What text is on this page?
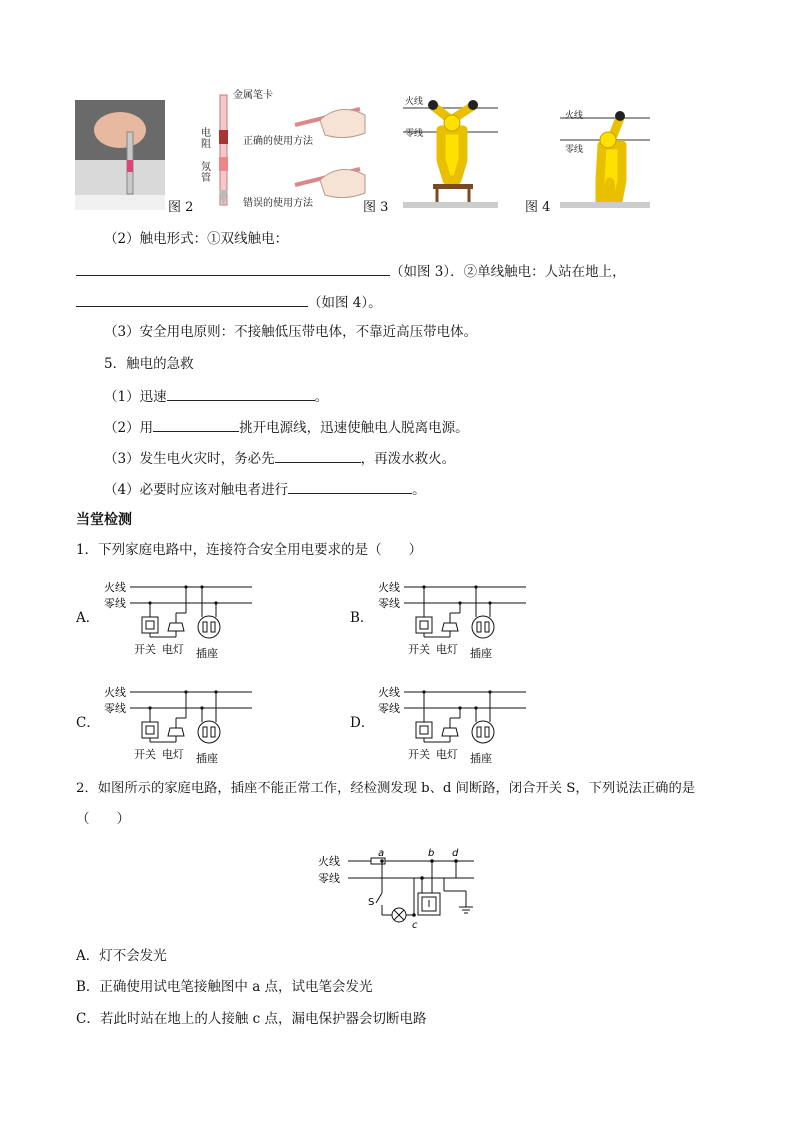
图 2
金属笔卡
电阻
氖管
正确的使用方法
错误的使用方法	图 3
火线
零线
图 4
火线
零线
（2）触电形式：①双线触电：
（如图 3）．②单线触电：人站在地上，
（如图 4）。
（3）安全用电原则：不接触低压带电体，不靠近高压带电体。
5．触电的急救
（1）迅速	。
（2）用	挑开电源线，迅速使触电人脱离电源。
（3）发生电火灾时，务必先	，再泼水救火。
（4）必要时应该对触电者进行	。
当堂检测
1．下列家庭电路中，连接符合安全用电要求的是（　　）
A．
火线
零线
开关 电灯 插座
B．
火线
零线
开关 电灯 插座
C．
火线
零线
开关 电灯 插座
D．
火线
零线
开关 电灯 插座
2．如图所示的家庭电路，插座不能正常工作，经检测发现 b、d 间断路，闭合开关 S，下列说法正确的是
（　　）
火线
零线
a	b d
S
c
A．灯不会发光
B．正确使用试电笔接触图中 a 点，试电笔会发光
C．若此时站在地上的人接触 c 点，漏电保护器会切断电路
